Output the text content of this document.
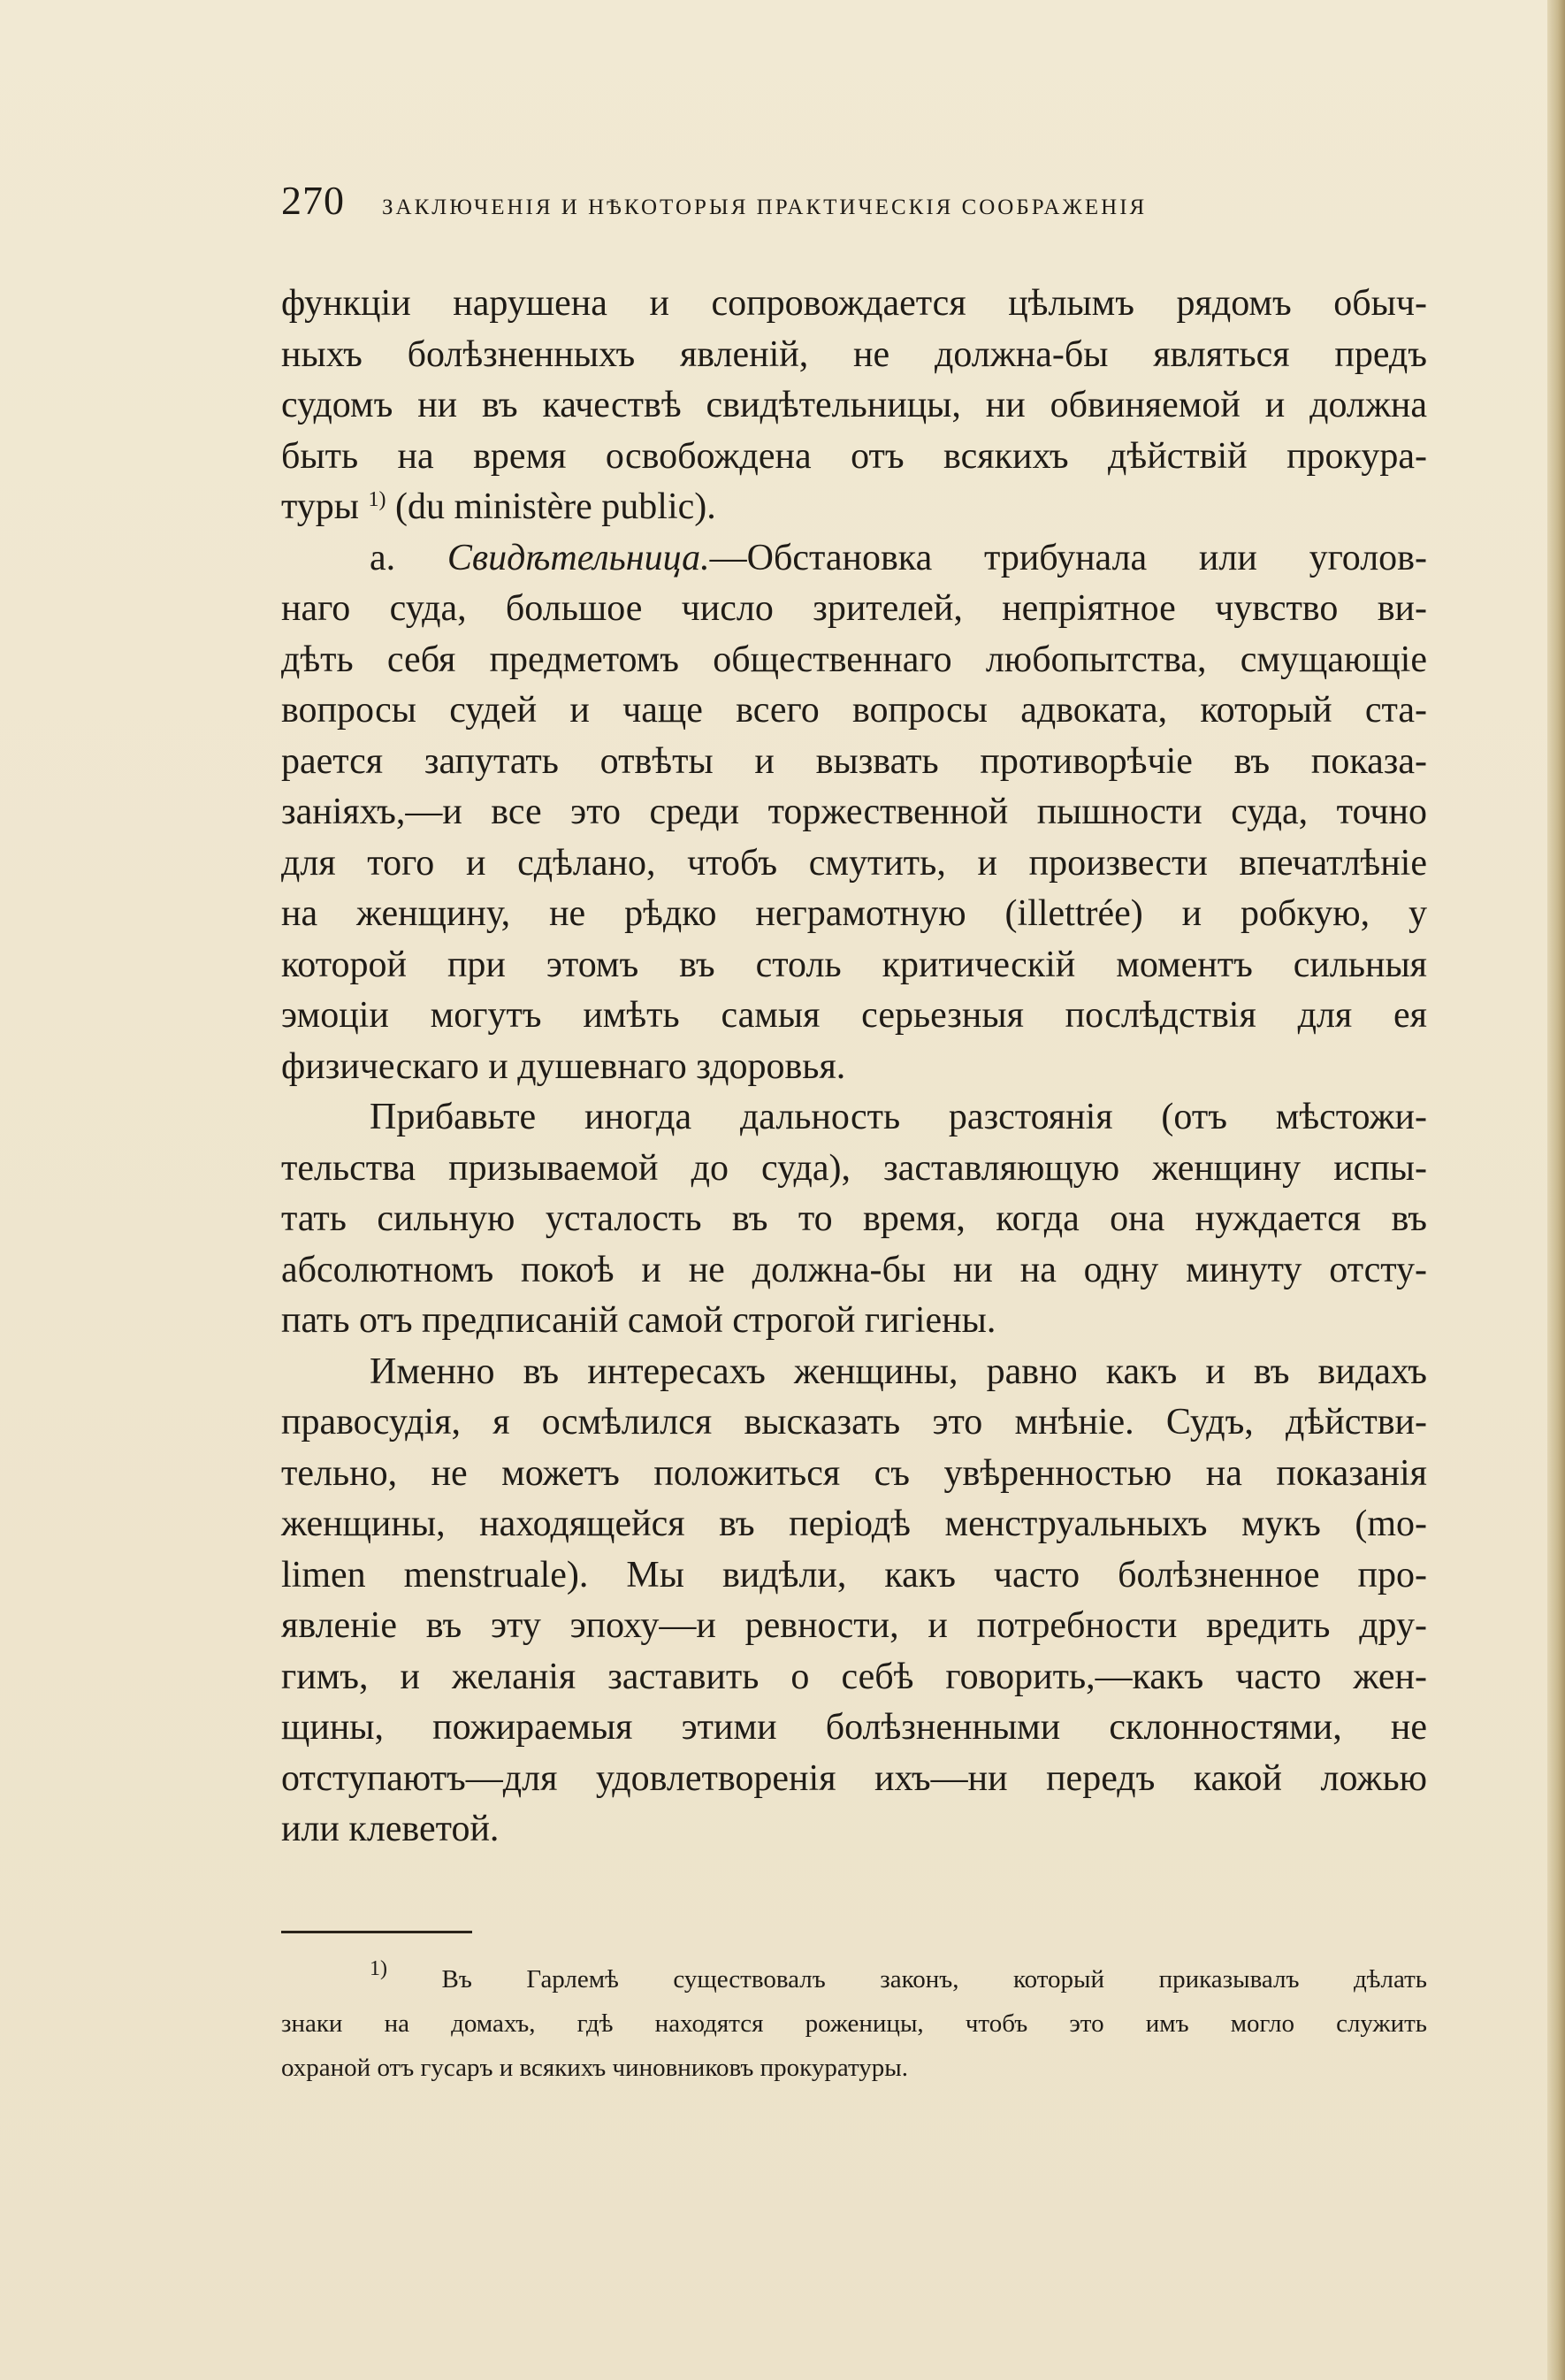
270 ЗАКЛЮЧЕНІЯ И НѢКОТОРЫЯ ПРАКТИЧЕСКІЯ СООБРАЖЕНІЯ

функціи нарушена и сопровождается цѣлымъ рядомъ обыч-
ныхъ болѣзненныхъ явленій, не должна-бы являться предъ
судомъ ни въ качествѣ свидѣтельницы, ни обвиняемой и должна
быть на время освобождена отъ всякихъ дѣйствій прокура-
туры $^{1)}$ (du ministère public).

а. Свидѣтельница.—Обстановка трибунала или уголов-
наго суда, большое число зрителей, непріятное чувство ви-
дѣть себя предметомъ общественнаго любопытства, смущающіе
вопросы судей и чаще всего вопросы адвоката, который ста-
рается запутать отвѣты и вызвать противорѣчіе въ показа-
заніяхъ,—и все это среди торжественной пышности суда, точно
для того и сдѣлано, чтобъ смутить, и произвести впечатлѣніе
на женщину, не рѣдко неграмотную (illettrée) и робкую, у
которой при этомъ въ столь критическій моментъ сильныя
эмоціи могутъ имѣть самыя серьезныя послѣдствія для ея
физическаго и душевнаго здоровья.

Прибавьте иногда дальность разстоянія (отъ мѣстожи-
тельства призываемой до суда), заставляющую женщину испы-
тать сильную усталость въ то время, когда она нуждается въ
абсолютномъ покоѣ и не должна-бы ни на одну минуту отсту-
пать отъ предписаній самой строгой гигіены.

Именно въ интересахъ женщины, равно какъ и въ видахъ
правосудія, я осмѣлился высказать это мнѣніе. Судъ, дѣйстви-
тельно, не можетъ положиться съ увѣренностью на показанія
женщины, находящейся въ періодѣ менструальныхъ мукъ (mo-
limen menstruale). Мы видѣли, какъ часто болѣзненное про-
явленіе въ эту эпоху—и ревности, и потребности вредить дру-
гимъ, и желанія заставить о себѣ говорить,—какъ часто жен-
щины, пожираемыя этими болѣзненными склонностями, не
отступаютъ—для удовлетворенія ихъ—ни передъ какой ложью
или клеветой.

$^{1)}$ Въ Гарлемѣ существовалъ законъ, который приказывалъ дѣлать
знаки на домахъ, гдѣ находятся роженицы, чтобъ это имъ могло служить
охраной отъ гусаръ и всякихъ чиновниковъ прокуратуры.
